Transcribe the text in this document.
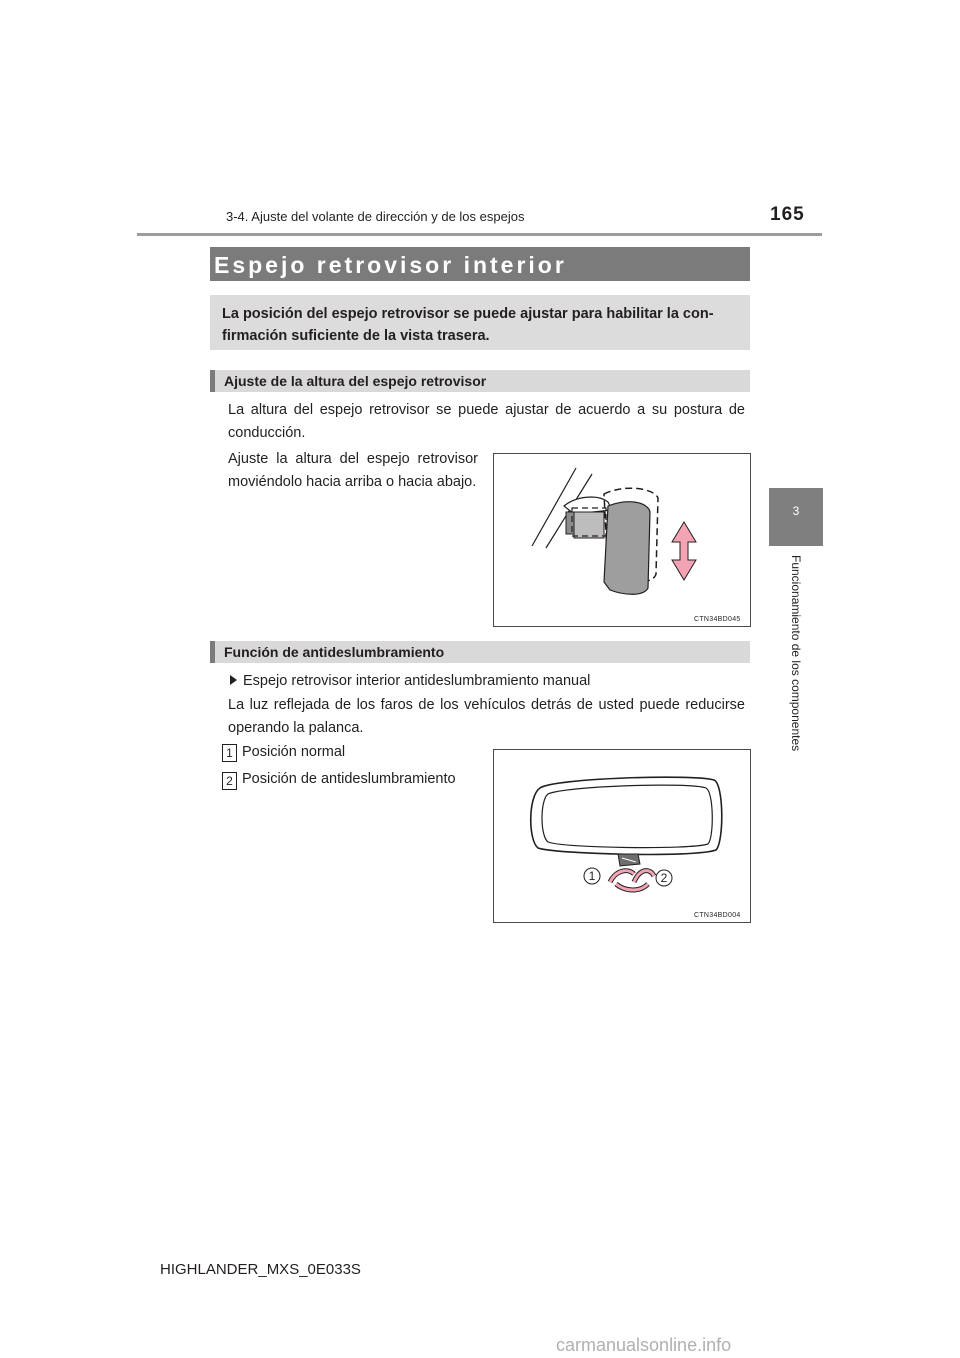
3-4. Ajuste del volante de dirección y de los espejos	165
3
Funcionamiento de los componentes
Espejo retrovisor interior
La posición del espejo retrovisor se puede ajustar para habilitar la con-firmación suficiente de la vista trasera.
Ajuste de la altura del espejo retrovisor
La altura del espejo retrovisor se puede ajustar de acuerdo a su postura de conducción.
Ajuste la altura del espejo retrovisor moviéndolo hacia arriba o hacia abajo.
CTN34BD045
Función de antideslumbramiento
Espejo retrovisor interior antideslumbramiento manual
La luz reflejada de los faros de los vehículos detrás de usted puede reducirse operando la palanca.
1 Posición normal
2 Posición de antideslumbramiento
1	2
CTN34BD004
HIGHLANDER_MXS_0E033S
carmanualsonline.info
